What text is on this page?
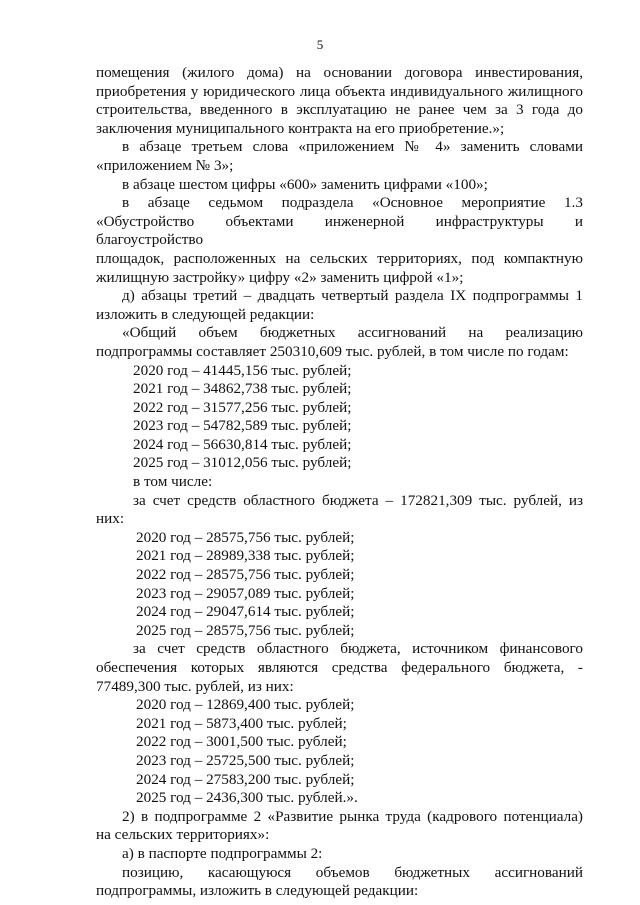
5

помещения (жилого дома) на основании договора инвестирования,

приобретения у юридического лица объекта индивидуального жилищного

строительства, введенного в эксплуатацию не ранее чем за 3 года до

заключения муниципального контракта на его приобретение.»;

в абзаце третьем слова «приложением № 4» заменить словами

«приложением № 3»;

в абзаце шестом цифры «600» заменить цифрами «100»;

в абзаце седьмом подраздела «Основное мероприятие 1.3

«Обустройство объектами инженерной инфраструктуры и благоустройство

площадок, расположенных на сельских территориях, под компактную

жилищную застройку» цифру «2» заменить цифрой «1»;

д) абзацы третий – двадцать четвертый раздела IX подпрограммы 1

изложить в следующей редакции:

«Общий объем бюджетных ассигнований на реализацию

подпрограммы составляет 250310,609 тыс. рублей, в том числе по годам:

2020 год – 41445,156 тыс. рублей;

2021 год – 34862,738 тыс. рублей;

2022 год – 31577,256 тыс. рублей;

2023 год – 54782,589 тыс. рублей;

2024 год – 56630,814 тыс. рублей;

2025 год – 31012,056 тыс. рублей;

в том числе:

за счет средств областного бюджета – 172821,309 тыс. рублей, из

них:

2020 год – 28575,756 тыс. рублей;

2021 год – 28989,338 тыс. рублей;

2022 год – 28575,756 тыс. рублей;

2023 год – 29057,089 тыс. рублей;

2024 год – 29047,614 тыс. рублей;

2025 год – 28575,756 тыс. рублей;

за счет средств областного бюджета, источником финансового

обеспечения которых являются средства федерального бюджета, -

77489,300 тыс. рублей, из них:

2020 год – 12869,400 тыс. рублей;

2021 год – 5873,400 тыс. рублей;

2022 год – 3001,500 тыс. рублей;

2023 год – 25725,500 тыс. рублей;

2024 год – 27583,200 тыс. рублей;

2025 год – 2436,300 тыс. рублей.».

2) в подпрограмме 2 «Развитие рынка труда (кадрового потенциала)

на сельских территориях»:

а) в паспорте подпрограммы 2:

позицию, касающуюся объемов бюджетных ассигнований

подпрограммы, изложить в следующей редакции:
